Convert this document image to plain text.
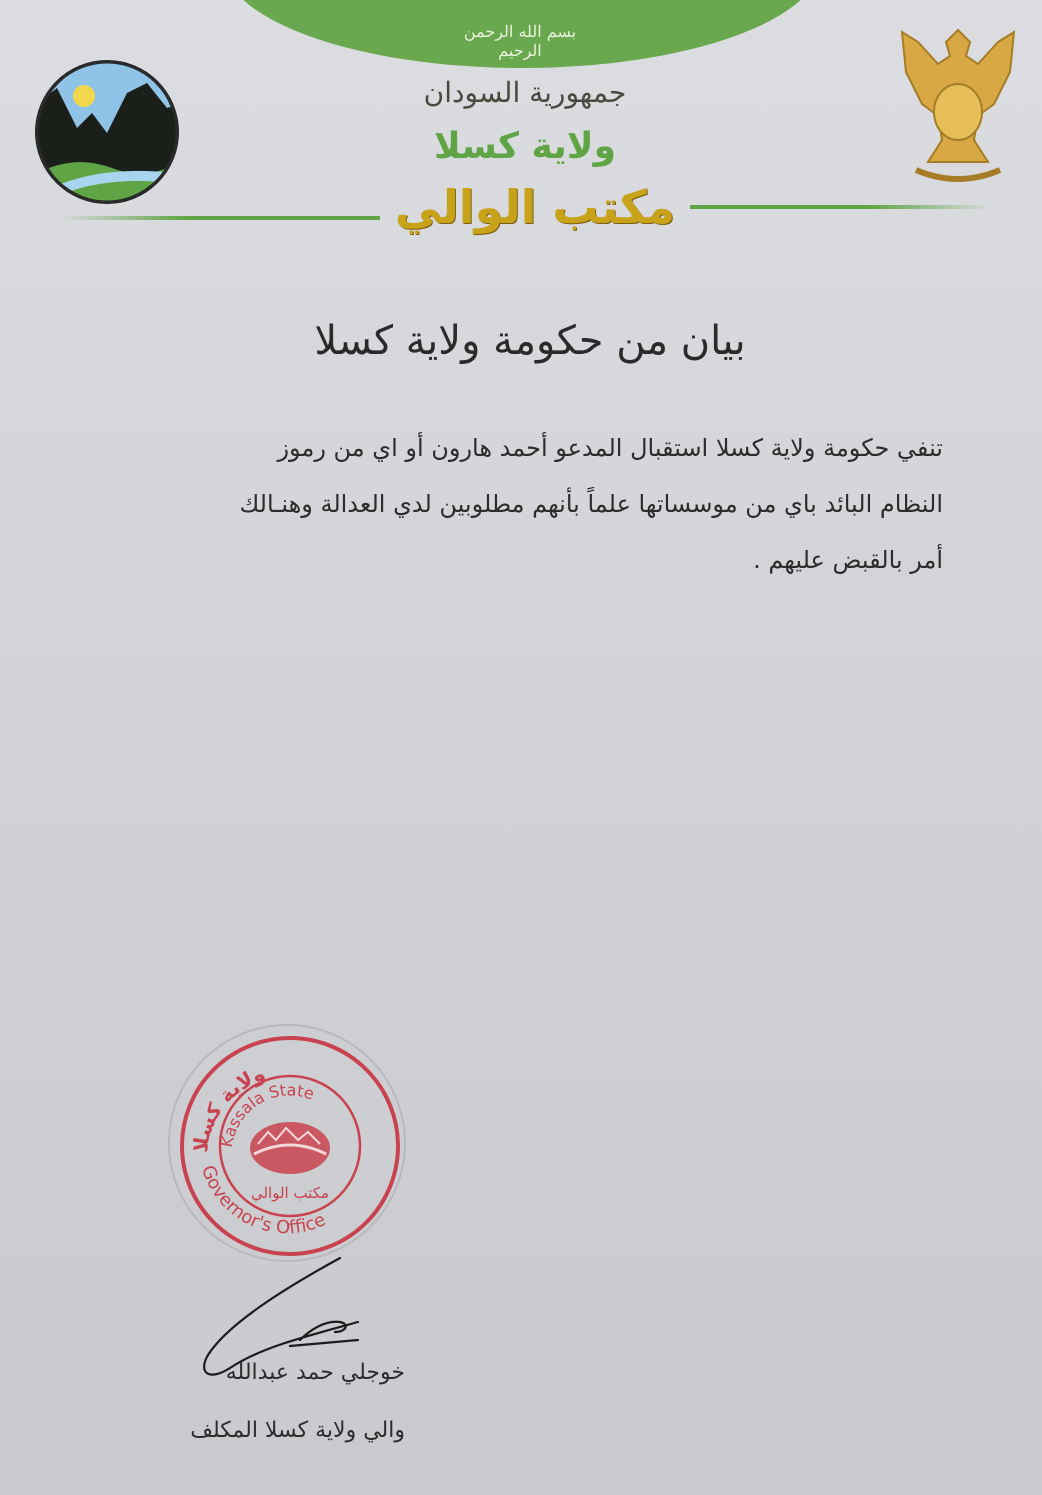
بسم الله الرحمن الرحيم
جمهورية السودان
ولاية كسلا
مكتب الوالي
بيان من حكومة ولاية كسلا
تنفي حكومة ولاية كسلا استقبال المدعو أحمد هارون أو اي من رموز
النظام البائد باي من موسساتها علماً بأنهم مطلوبين لدي العدالة وهنـالك
أمر بالقبض عليهم .
ولاية كسلا
Kassala State
Governor's Office
مكتب الوالي
خوجلي حمد عبدالله
والي ولاية كسلا المكلف
